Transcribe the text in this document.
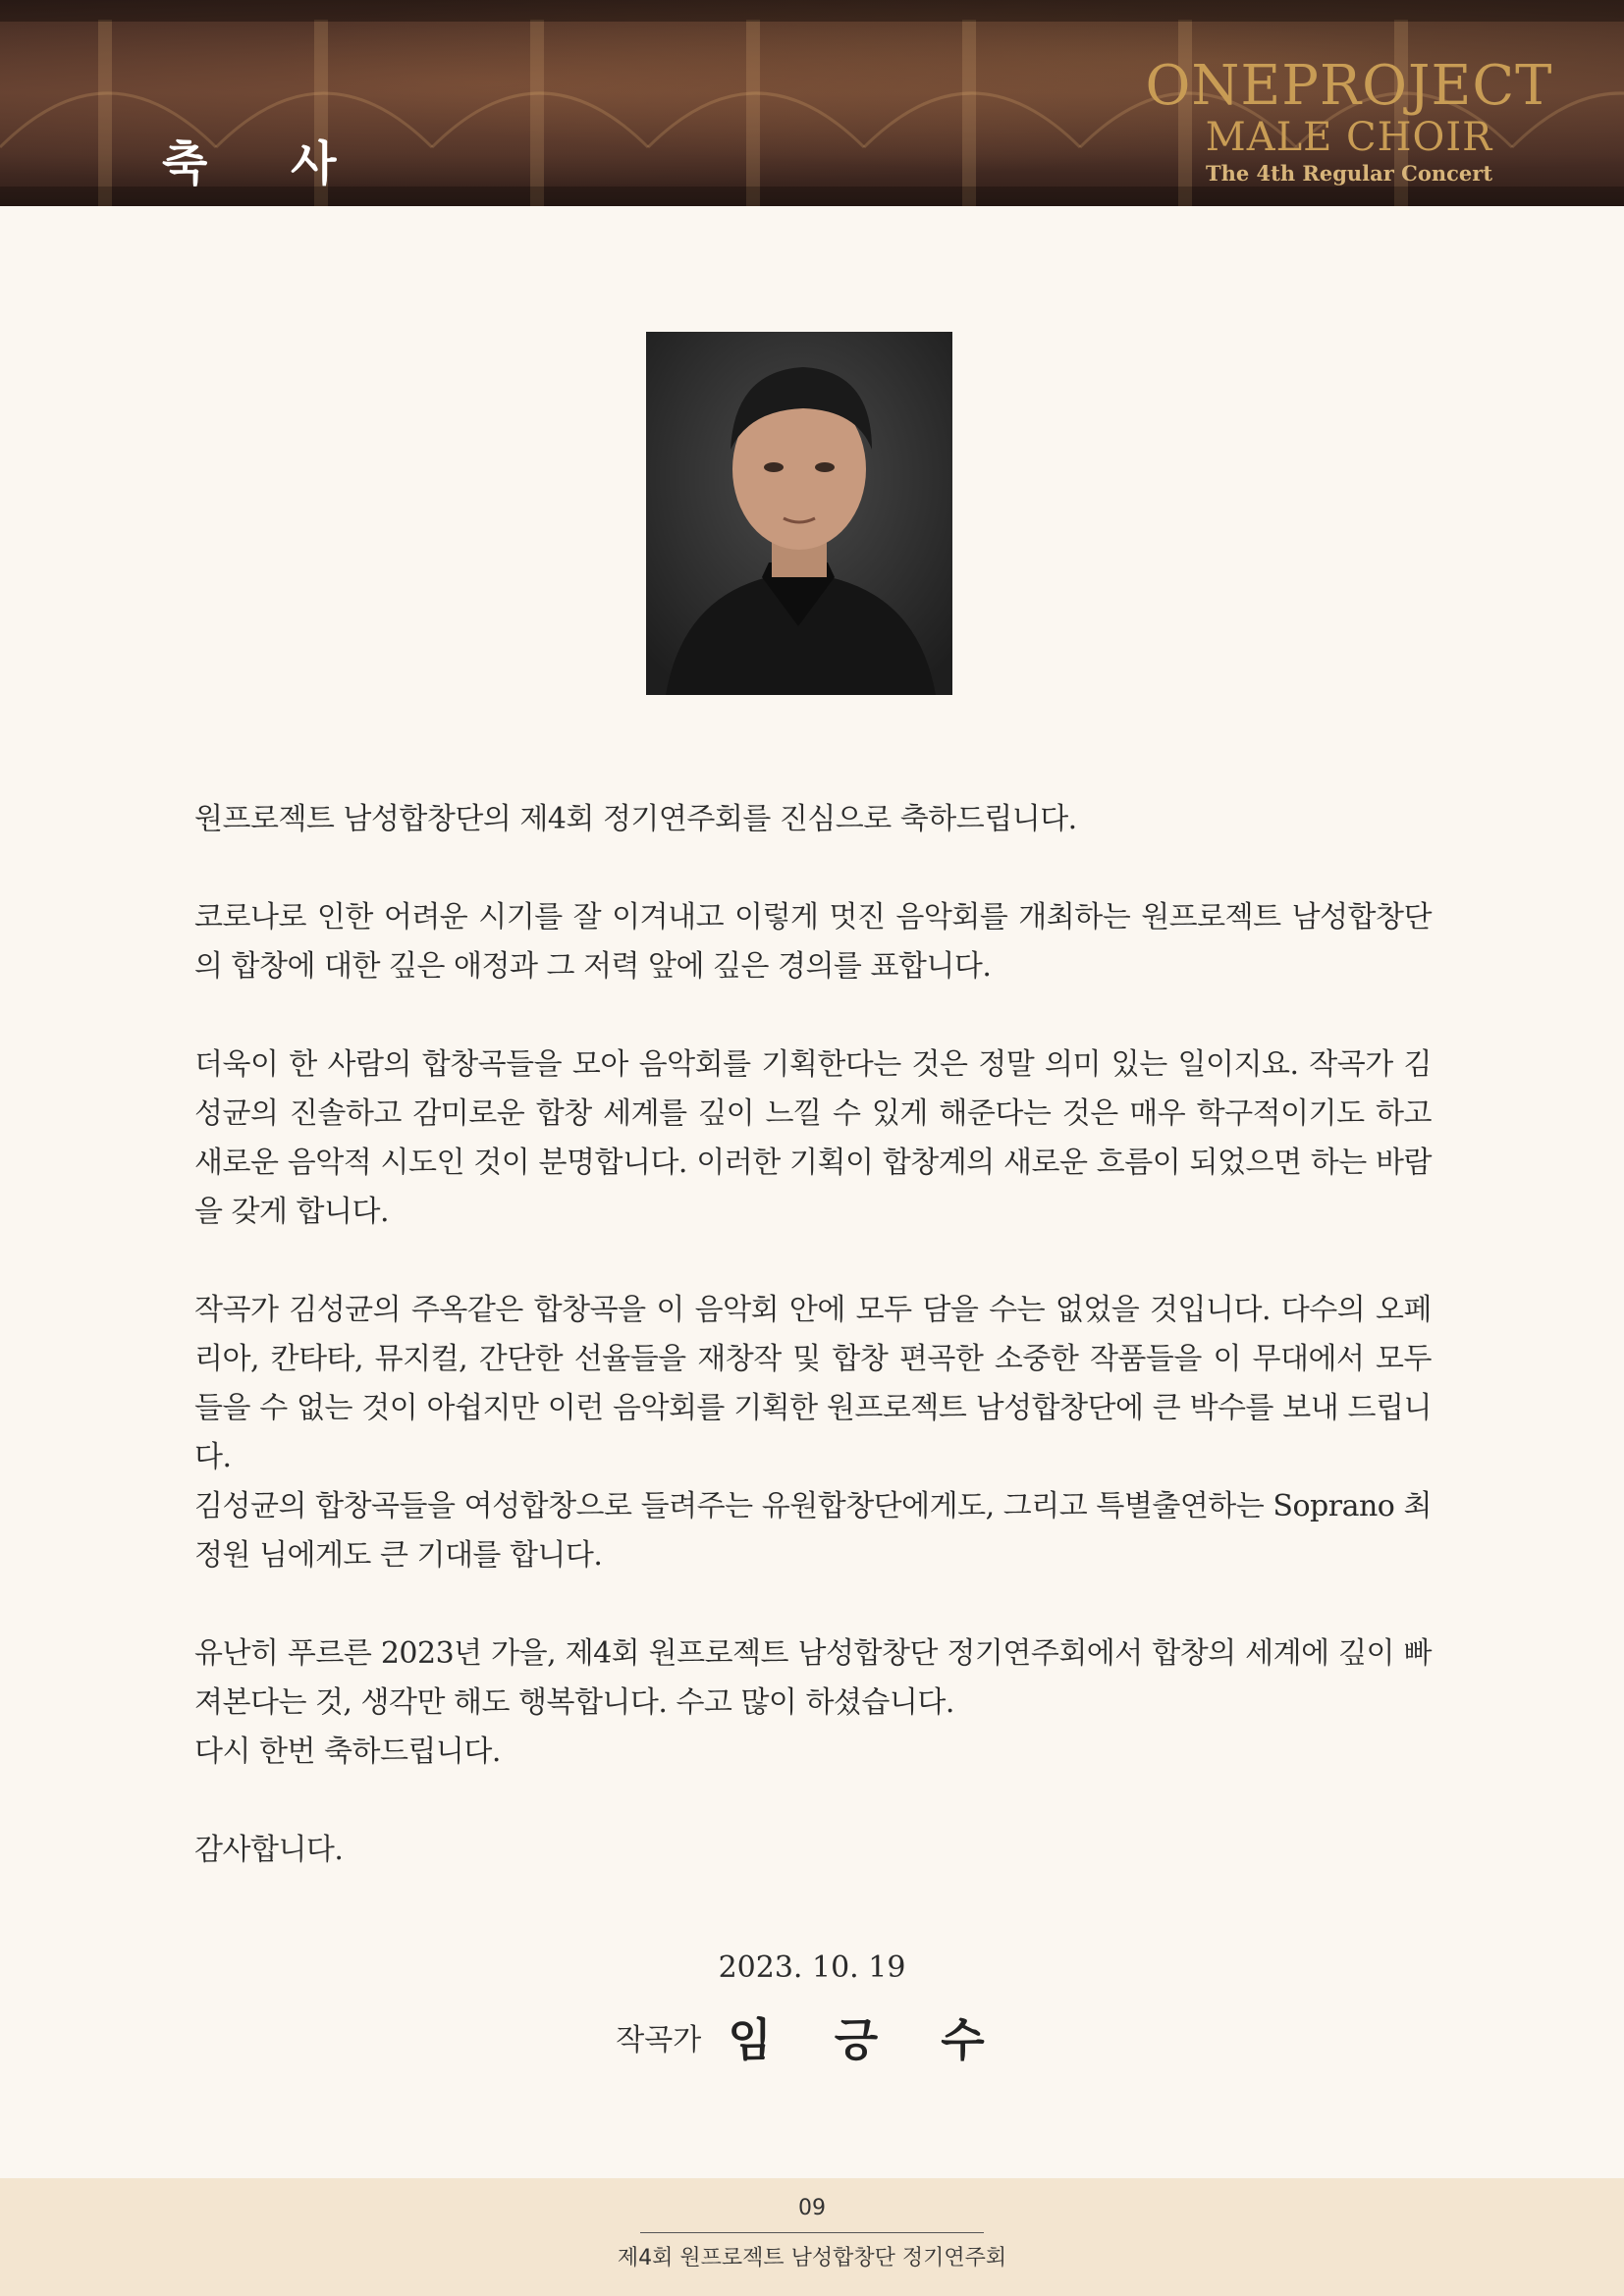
축 사
ONEPROJECT
MALE CHOIR
The 4th Regular Concert

원프로젝트 남성합창단의 제4회 정기연주회를 진심으로 축하드립니다.

코로나로 인한 어려운 시기를 잘 이겨내고 이렇게 멋진 음악회를 개최하는 원프로젝트 남성합창단의 합창에 대한 깊은 애정과 그 저력 앞에 깊은 경의를 표합니다.

더욱이 한 사람의 합창곡들을 모아 음악회를 기획한다는 것은 정말 의미 있는 일이지요. 작곡가 김성균의 진솔하고 감미로운 합창 세계를 깊이 느낄 수 있게 해준다는 것은 매우 학구적이기도 하고 새로운 음악적 시도인 것이 분명합니다. 이러한 기획이 합창계의 새로운 흐름이 되었으면 하는 바람을 갖게 합니다.

작곡가 김성균의 주옥같은 합창곡을 이 음악회 안에 모두 담을 수는 없었을 것입니다. 다수의 오페리아, 칸타타, 뮤지컬, 간단한 선율들을 재창작 및 합창 편곡한 소중한 작품들을 이 무대에서 모두 들을 수 없는 것이 아쉽지만 이런 음악회를 기획한 원프로젝트 남성합창단에 큰 박수를 보내 드립니다.

김성균의 합창곡들을 여성합창으로 들려주는 유원합창단에게도, 그리고 특별출연하는 Soprano 최정원 님에게도 큰 기대를 합니다.

유난히 푸르른 2023년 가을, 제4회 원프로젝트 남성합창단 정기연주회에서 합창의 세계에 깊이 빠져본다는 것, 생각만 해도 행복합니다. 수고 많이 하셨습니다.

다시 한번 축하드립니다.

감사합니다.

2023. 10. 19
작곡가 임 긍 수
09
제4회 원프로젝트 남성합창단 정기연주회
